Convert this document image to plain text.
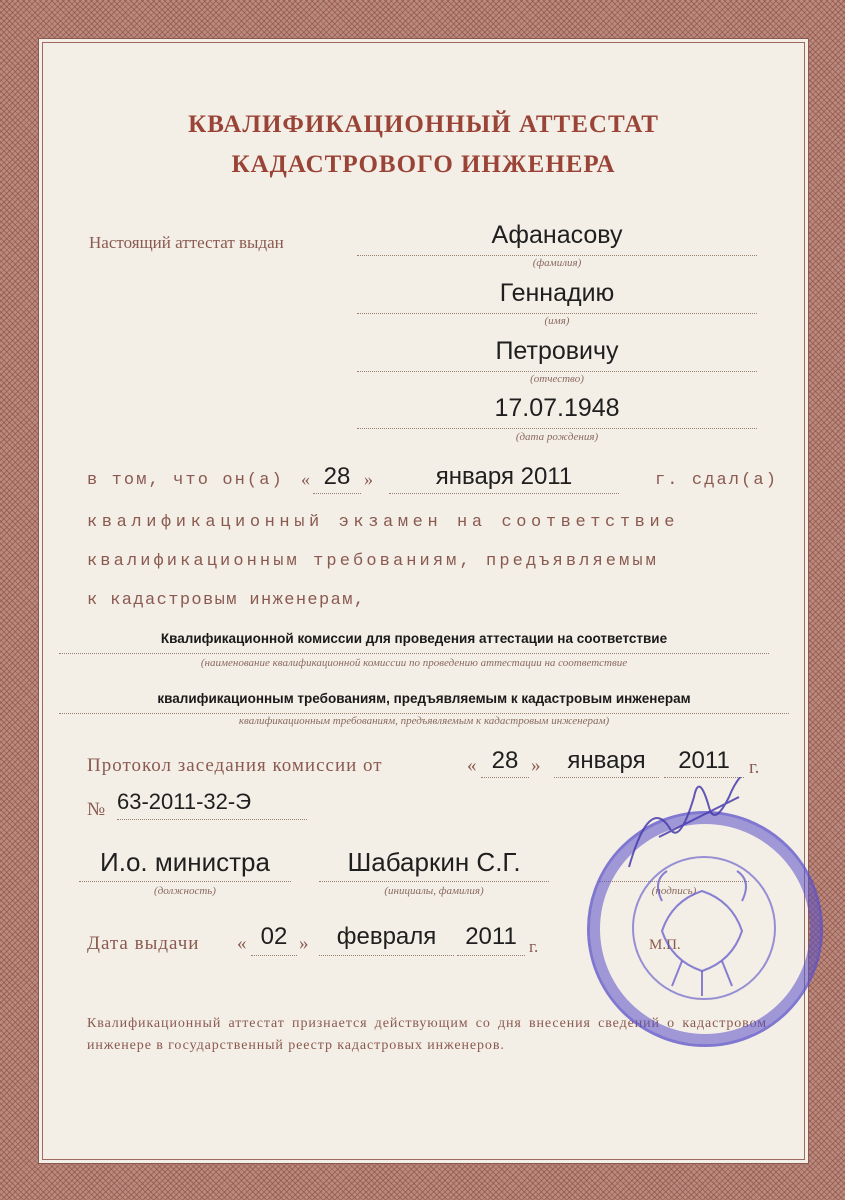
КВАЛИФИКАЦИОННЫЙ АТТЕСТАТ
КАДАСТРОВОГО ИНЖЕНЕРА
Настоящий аттестат выдан	Афанасову
(фамилия)
Геннадию
(имя)
Петровичу
(отчество)
17.07.1948
(дата рождения)
в том, что он(а) « 28 »	января 2011	г. сдал(а)
квалификационный экзамен на соответствие
квалификационным требованиям, предъявляемым
к кадастровым инженерам,
Квалификационной комиссии для проведения аттестации на соответствие
(наименование квалификационной комиссии по проведению аттестации на соответствие
квалификационным требованиям, предъявляемым к кадастровым инженерам
квалификационным требованиям, предъявляемым к кадастровым инженерам)
Протокол заседания комиссии от	« 28 »	января	2011	г.
№ 63-2011-32-Э
И.о. министра
(должность)
Шабаркин С.Г.
(инициалы, фамилия)	(подпись)
Дата выдачи « 02 »	февраля	2011 г.	М.П.
Квалификационный аттестат признается действующим со дня внесения сведений о кадастровом инженере в государственный реестр кадастровых инженеров.
